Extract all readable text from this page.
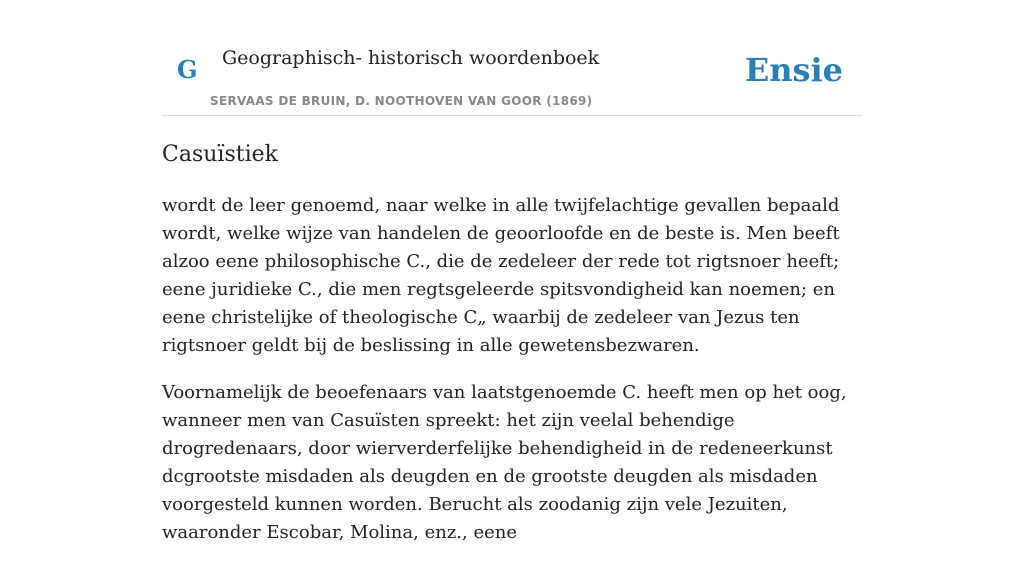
G Geographisch- historisch woordenboek
SERVAAS DE BRUIN, D. NOOTHOVEN VAN GOOR (1869)
Ensie
Casuïstiek

wordt de leer genoemd, naar welke in alle twijfelachtige gevallen bepaald wordt, welke wijze van handelen de geoorloofde en de beste is. Men beeft alzoo eene philosophische C., die de zedeleer der rede tot rigtsnoer heeft; eene juridieke C., die men regtsgeleerde spitsvondigheid kan noemen; en eene christelijke of theologische C„ waarbij de zedeleer van Jezus ten rigtsnoer geldt bij de beslissing in alle gewetensbezwaren.

Voornamelijk de beoefenaars van laatstgenoemde C. heeft men op het oog, wanneer men van Casuïsten spreekt: het zijn veelal behendige drogredenaars, door wierverderfelijke behendigheid in de redeneerkunst dcgrootste misdaden als deugden en de grootste deugden als misdaden voorgesteld kunnen worden. Berucht als zoodanig zijn vele Jezuiten, waaronder Escobar, Molina, enz., eene
